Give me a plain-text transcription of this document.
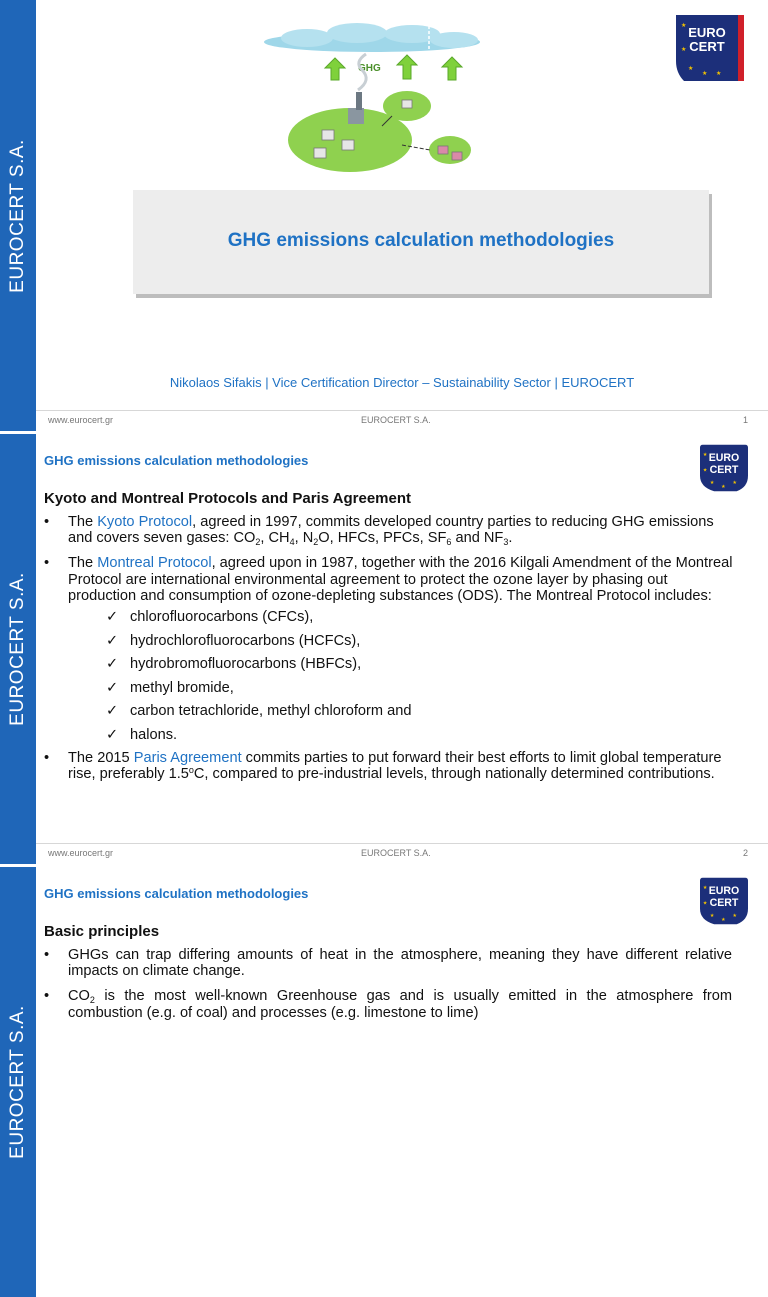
EUROCERT S.A.
GHG
EURO
CERT
★
★
★
★ ★
GHG emissions calculation methodologies
Nikolaos Sifakis | Vice Certification Director – Sustainability Sector | EUROCERT
www.eurocert.gr	EUROCERT S.A.	1
EUROCERT S.A.
GHG emissions calculation methodologies	EURO
CERT
★
★
★
★
★
Kyoto and Montreal Protocols and Paris Agreement
• The Kyoto Protocol, agreed in 1997, commits developed country parties to reducing GHG emissions and covers seven gases: $CO_2$, $CH_4$, $N_2O$, HFCs, PFCs, $SF_6$ and $NF_3$.
• The Montreal Protocol, agreed upon in 1987, together with the 2016 Kilgali Amendment of the Montreal Protocol are international environmental agreement to protect the ozone layer by phasing out production and consumption of ozone-depleting substances (ODS). The Montreal Protocol includes:
✓ chlorofluorocarbons (CFCs),
✓ hydrochlorofluorocarbons (HCFCs),
✓ hydrobromofluorocarbons (HBFCs),
✓ methyl bromide,
✓ carbon tetrachloride, methyl chloroform and
✓ halons.
• The 2015 Paris Agreement commits parties to put forward their best efforts to limit global temperature rise, preferably 1.5$^o$C, compared to pre-industrial levels, through nationally determined contributions.
www.eurocert.gr	EUROCERT S.A.	2
EUROCERT S.A.
GHG emissions calculation methodologies	EURO
CERT
★
★
★
★
★
Basic principles
• GHGs can trap differing amounts of heat in the atmosphere, meaning they have different relative impacts on climate change.
• $CO_2$ is the most well-known Greenhouse gas and is usually emitted in the atmosphere from combustion (e.g. of coal) and processes (e.g. limestone to lime)
